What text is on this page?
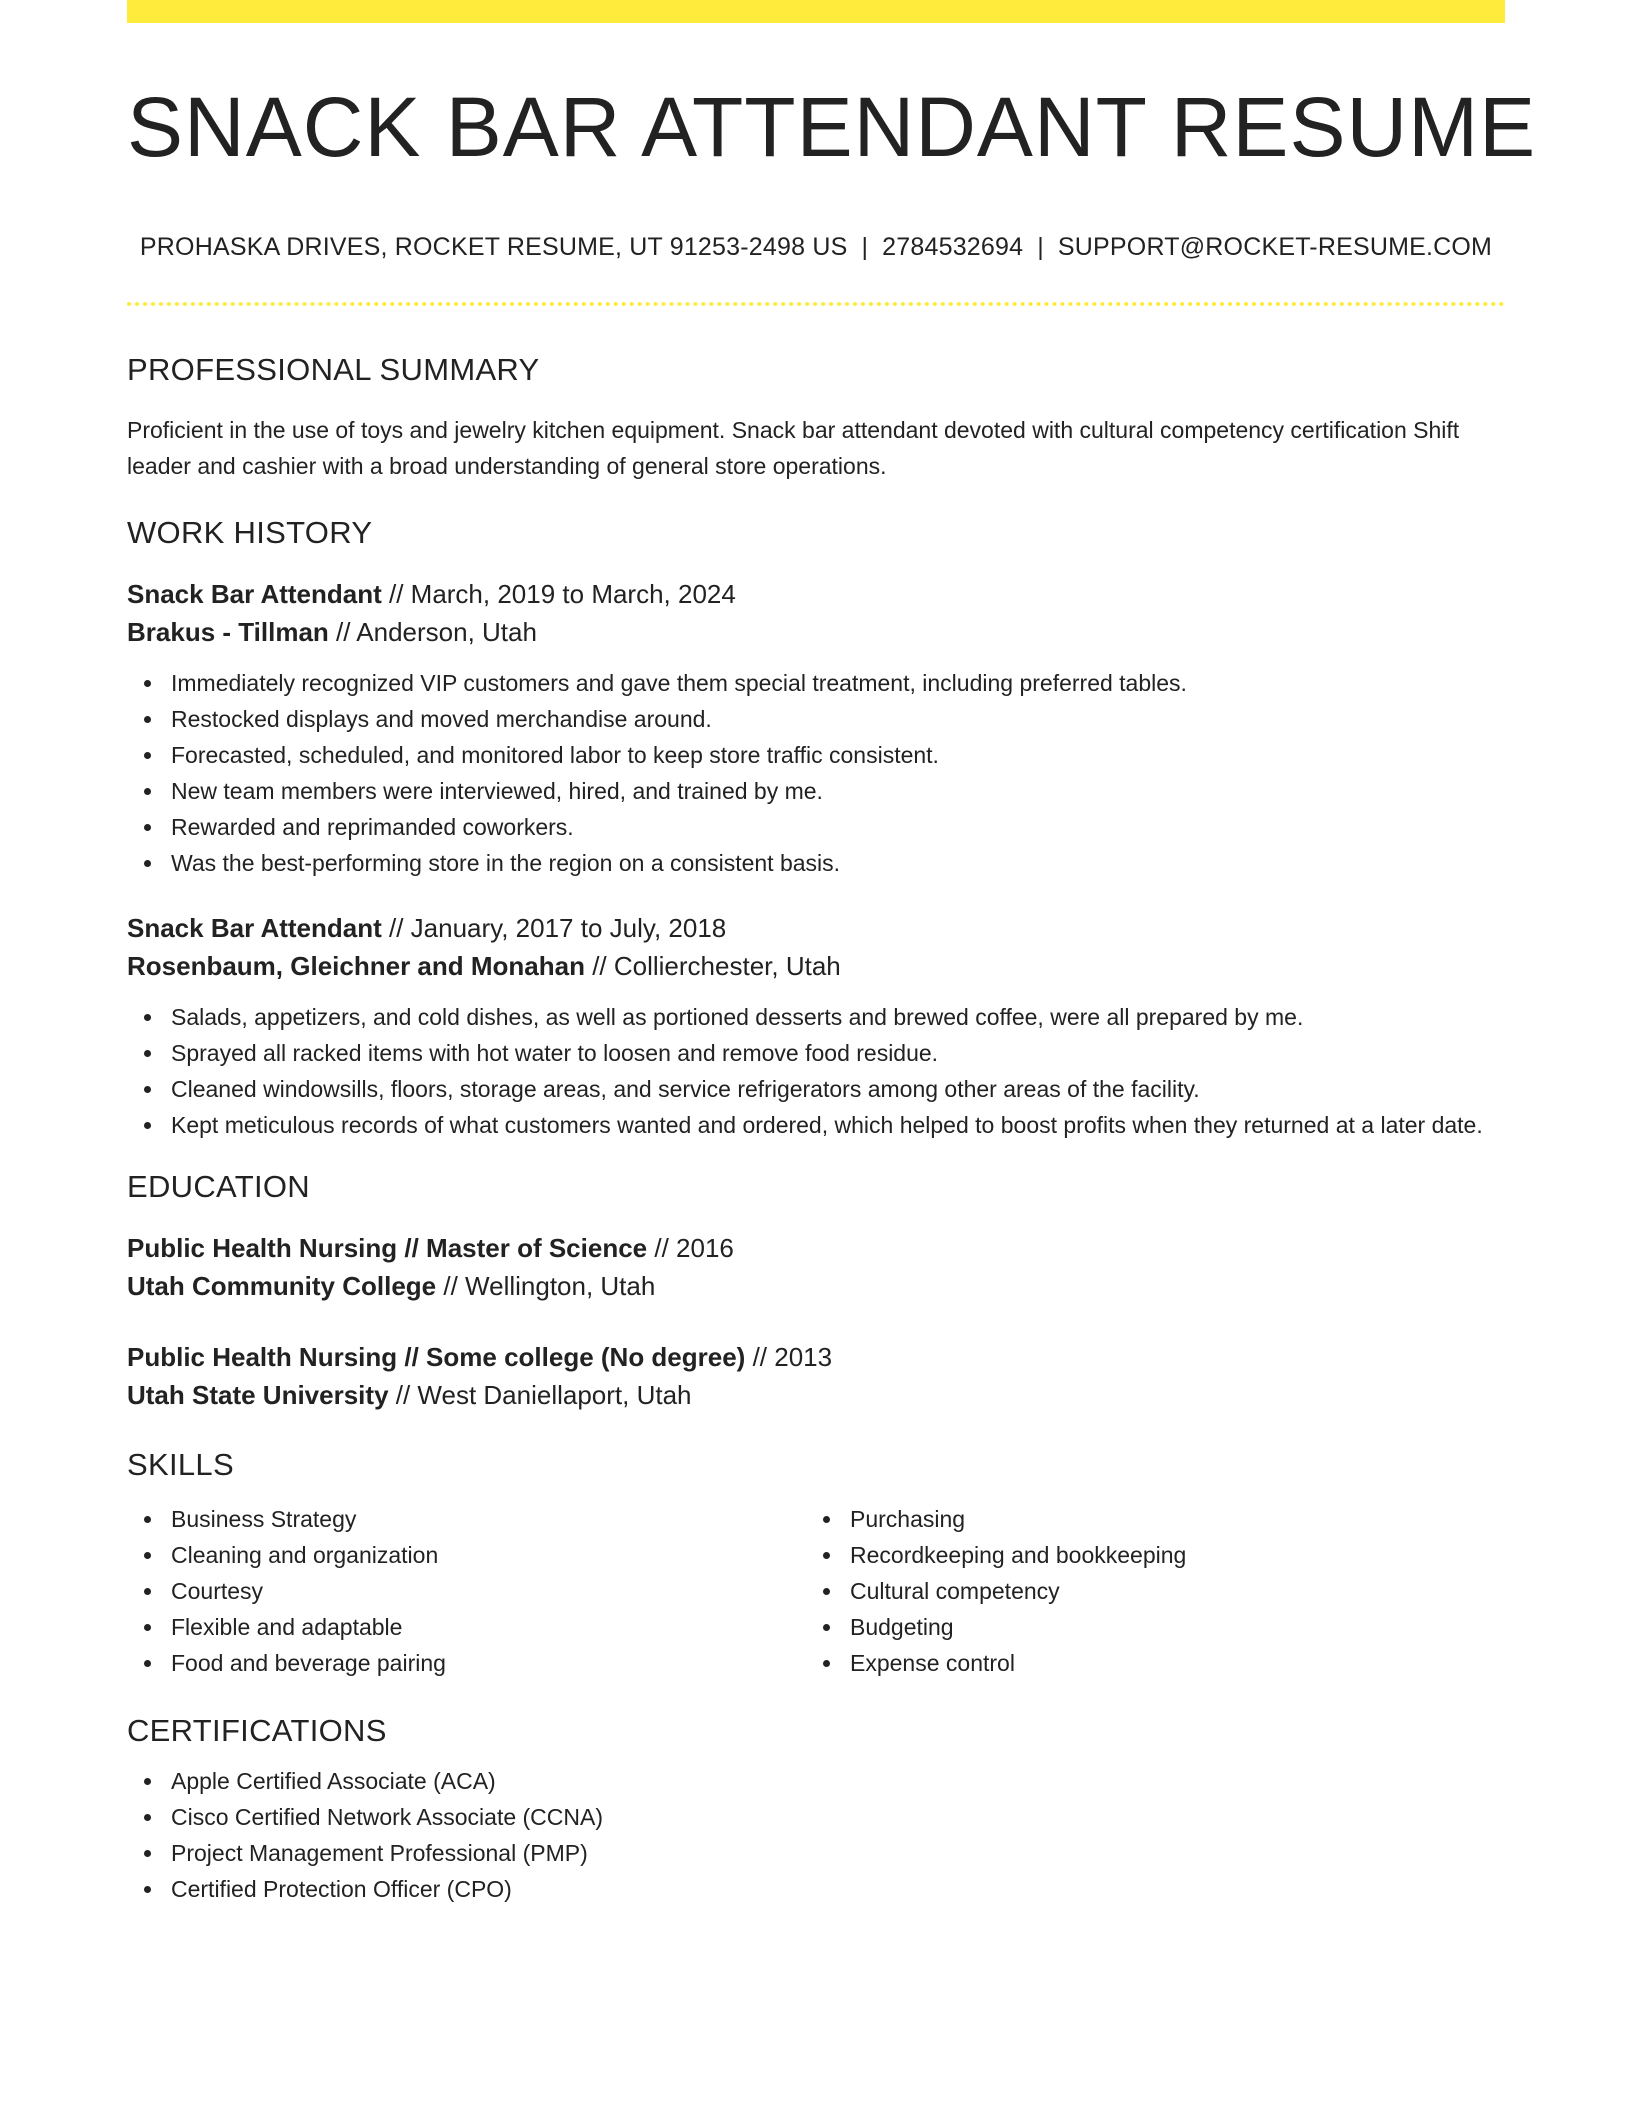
SNACK BAR ATTENDANT RESUME
PROHASKA DRIVES, ROCKET RESUME, UT 91253-2498 US | 2784532694 | SUPPORT@ROCKET-RESUME.COM
PROFESSIONAL SUMMARY

Proficient in the use of toys and jewelry kitchen equipment. Snack bar attendant devoted with cultural competency certification Shift leader and cashier with a broad understanding of general store operations.

WORK HISTORY
Snack Bar Attendant // March, 2019 to March, 2024
Brakus - Tillman // Anderson, Utah
Immediately recognized VIP customers and gave them special treatment, including preferred tables.
Restocked displays and moved merchandise around.
Forecasted, scheduled, and monitored labor to keep store traffic consistent.
New team members were interviewed, hired, and trained by me.
Rewarded and reprimanded coworkers.
Was the best-performing store in the region on a consistent basis.
Snack Bar Attendant // January, 2017 to July, 2018
Rosenbaum, Gleichner and Monahan // Collierchester, Utah
Salads, appetizers, and cold dishes, as well as portioned desserts and brewed coffee, were all prepared by me.
Sprayed all racked items with hot water to loosen and remove food residue.
Cleaned windowsills, floors, storage areas, and service refrigerators among other areas of the facility.
Kept meticulous records of what customers wanted and ordered, which helped to boost profits when they returned at a later date.
EDUCATION
Public Health Nursing // Master of Science // 2016
Utah Community College // Wellington, Utah
Public Health Nursing // Some college (No degree) // 2013
Utah State University // West Daniellaport, Utah
SKILLS
Business Strategy
Cleaning and organization
Courtesy
Flexible and adaptable
Food and beverage pairing
Purchasing
Recordkeeping and bookkeeping
Cultural competency
Budgeting
Expense control
CERTIFICATIONS
Apple Certified Associate (ACA)
Cisco Certified Network Associate (CCNA)
Project Management Professional (PMP)
Certified Protection Officer (CPO)
